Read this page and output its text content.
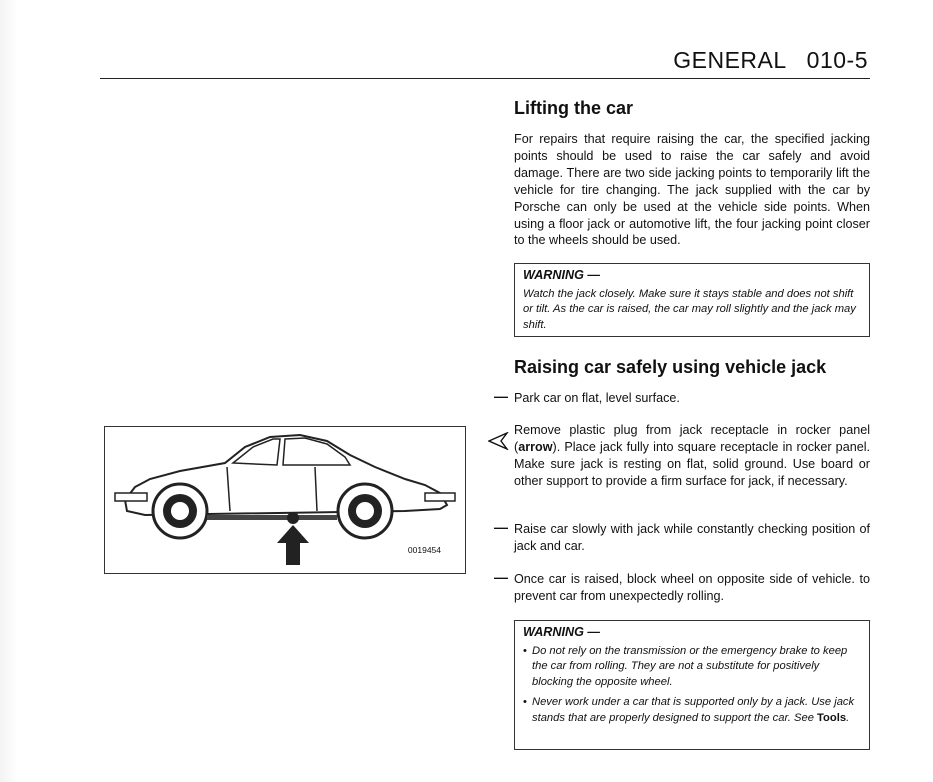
GENERAL 010-5
Lifting the car
For repairs that require raising the car, the specified jacking points should be used to raise the car safely and avoid damage. There are two side jacking points to temporarily lift the vehicle for tire changing. The jack supplied with the car by Porsche can only be used at the vehicle side points. When using a floor jack or automotive lift, the four jacking point closer to the wheels should be used.
WARNING —
Watch the jack closely. Make sure it stays stable and does not shift or tilt. As the car is raised, the car may roll slightly and the jack may shift.
Raising car safely using vehicle jack
— Park car on flat, level surface.
Remove plastic plug from jack receptacle in rocker panel (arrow). Place jack fully into square receptacle in rocker panel. Make sure jack is resting on flat, solid ground. Use board or other support to provide a firm surface for jack, if necessary.
— Raise car slowly with jack while constantly checking position of jack and car.
— Once car is raised, block wheel on opposite side of vehicle. to prevent car from unexpectedly rolling.
WARNING —
• Do not rely on the transmission or the emergency brake to keep the car from rolling. They are not a substitute for positively blocking the opposite wheel.
• Never work under a car that is supported only by a jack. Use jack stands that are properly designed to support the car. See Tools.
0019454
